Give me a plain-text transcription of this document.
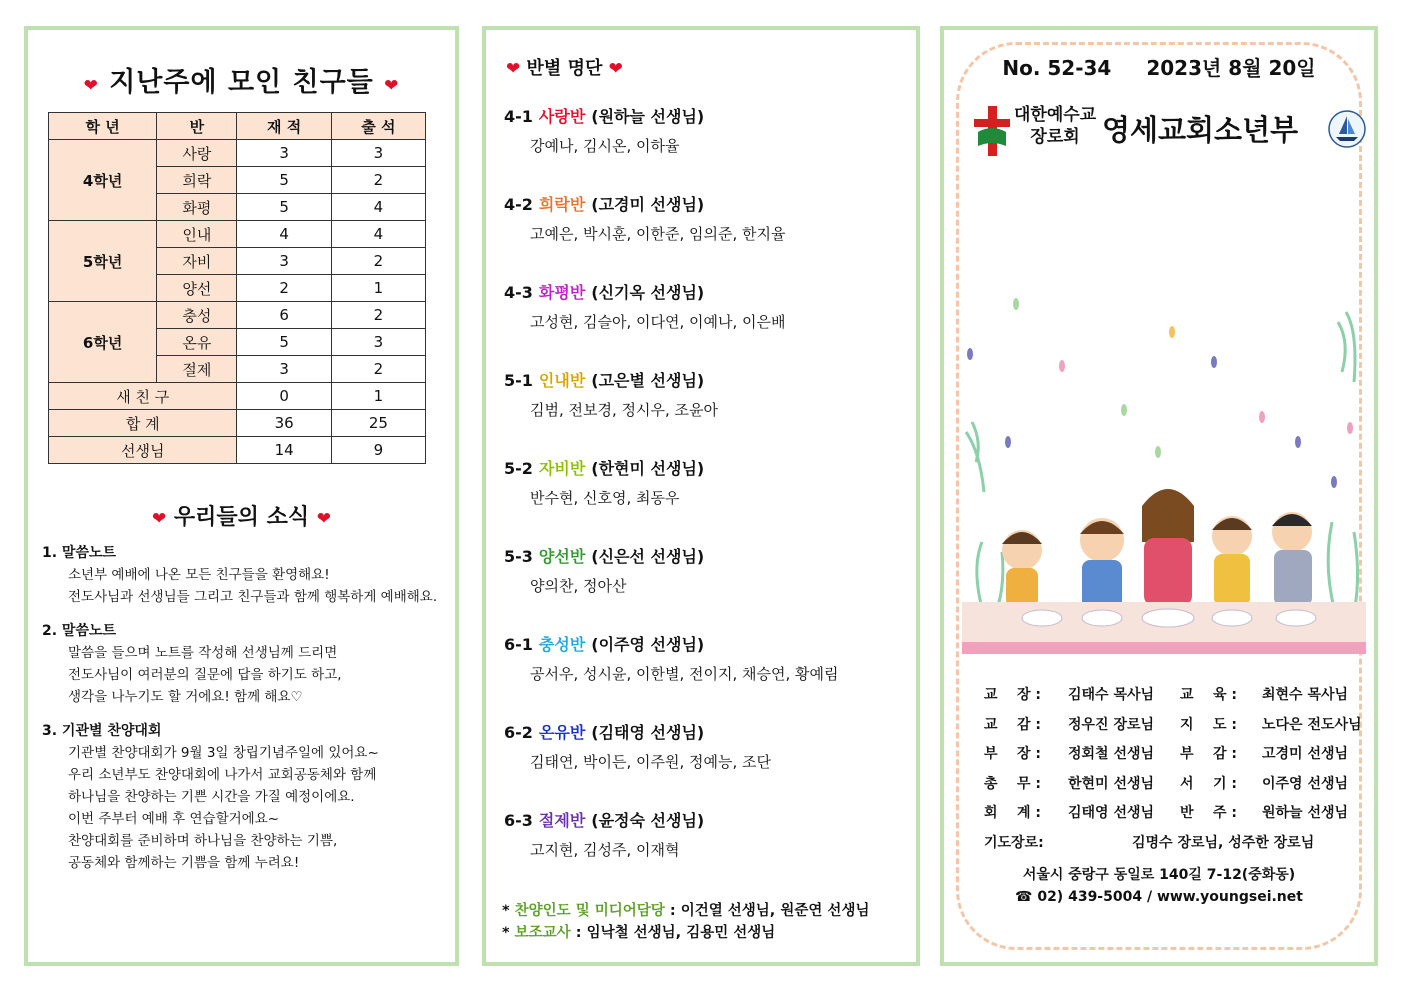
❤ 지난주에 모인 친구들 ❤
학 년	반	재 적	출 석
4학년	사랑	3	3
	희락	5	2
	화평	5	4
5학년	인내	4	4
	자비	3	2
	양선	2	1
6학년	충성	6	2
	온유	5	3
	절제	3	2
새 친 구		0	1
합 계		36	25
선생님		14	9
❤ 우리들의 소식 ❤
1. 말씀노트
소년부 예배에 나온 모든 친구들을 환영해요!
전도사님과 선생님들 그리고 친구들과 함께 행복하게 예배해요.
2. 말씀노트
말씀을 들으며 노트를 작성해 선생님께 드리면
전도사님이 여러분의 질문에 답을 하기도 하고,
생각을 나누기도 할 거에요! 함께 해요♡
3. 기관별 찬양대회
기관별 찬양대회가 9월 3일 창립기념주일에 있어요~
우리 소년부도 찬양대회에 나가서 교회공동체와 함께
하나님을 찬양하는 기쁜 시간을 가질 예정이에요.
이번 주부터 예배 후 연습할거에요~
찬양대회를 준비하며 하나님을 찬양하는 기쁨,
공동체와 함께하는 기쁨을 함께 누려요!
❤ 반별 명단 ❤
4-1 사랑반 (원하늘 선생님)
강예나, 김시온, 이하율
4-2 희락반 (고경미 선생님)
고예은, 박시훈, 이한준, 임의준, 한지율
4-3 화평반 (신기옥 선생님)
고성현, 김슬아, 이다연, 이예나, 이은배
5-1 인내반 (고은별 선생님)
김범, 전보경, 정시우, 조윤아
5-2 자비반 (한현미 선생님)
반수현, 신호영, 최동우
5-3 양선반 (신은선 선생님)
양의찬, 정아산
6-1 충성반 (이주영 선생님)
공서우, 성시윤, 이한별, 전이지, 채승연, 황예림
6-2 온유반 (김태영 선생님)
김태연, 박이든, 이주원, 정예능, 조단
6-3 절제반 (윤정숙 선생님)
고지현, 김성주, 이재혁
* 찬양인도 및 미디어담당 : 이건열 선생님, 원준연 선생님
* 보조교사 : 임낙철 선생님, 김용민 선생님
No. 52-34 2023년 8월 20일
대한예수교
장로회 영세교회소년부
교    장 : 김태수 목사님 교    육 : 최현수 목사님
교    감 : 정우진 장로님 지    도 : 노다은 전도사님
부    장 : 정회철 선생님 부    감 : 고경미 선생님
총    무 : 한현미 선생님 서    기 : 이주영 선생님
회    계 : 김태영 선생님 반    주 : 원하늘 선생님
기도장로:	김명수 장로님, 성주한 장로님
서울시 중랑구 동일로 140길 7-12(중화동)
☎ 02) 439-5004 / www.youngsei.net
